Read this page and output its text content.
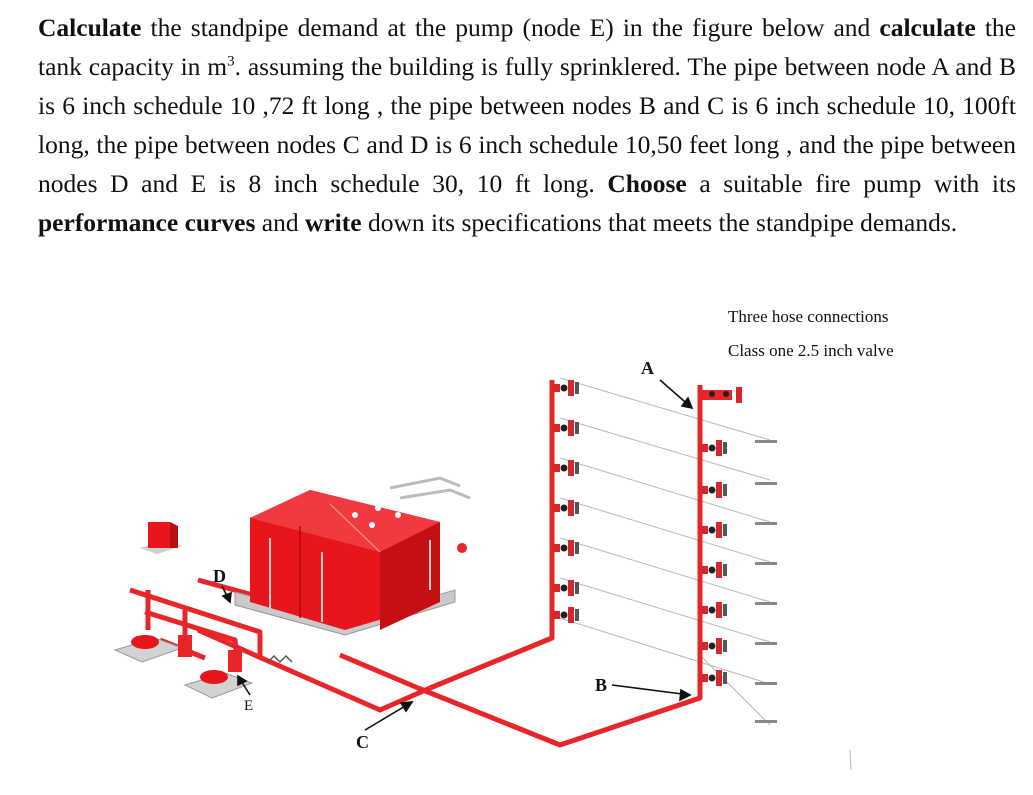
Calculate the standpipe demand at the pump (node E) in the figure below and calculate the tank capacity in $m^3$. assuming the building is fully sprinklered. The pipe between node A and B is 6 inch schedule 10 ,72 ft long , the pipe between nodes B and C is 6 inch schedule 10, 100ft long, the pipe between nodes C and D is 6 inch schedule 10,50 feet long , and the pipe between nodes D and E is 8 inch schedule 30, 10 ft long. Choose a suitable fire pump with its performance curves and write down its specifications that meets the standpipe demands.

Three hose connections
Class one 2.5 inch valve
A
B
C
D
E
